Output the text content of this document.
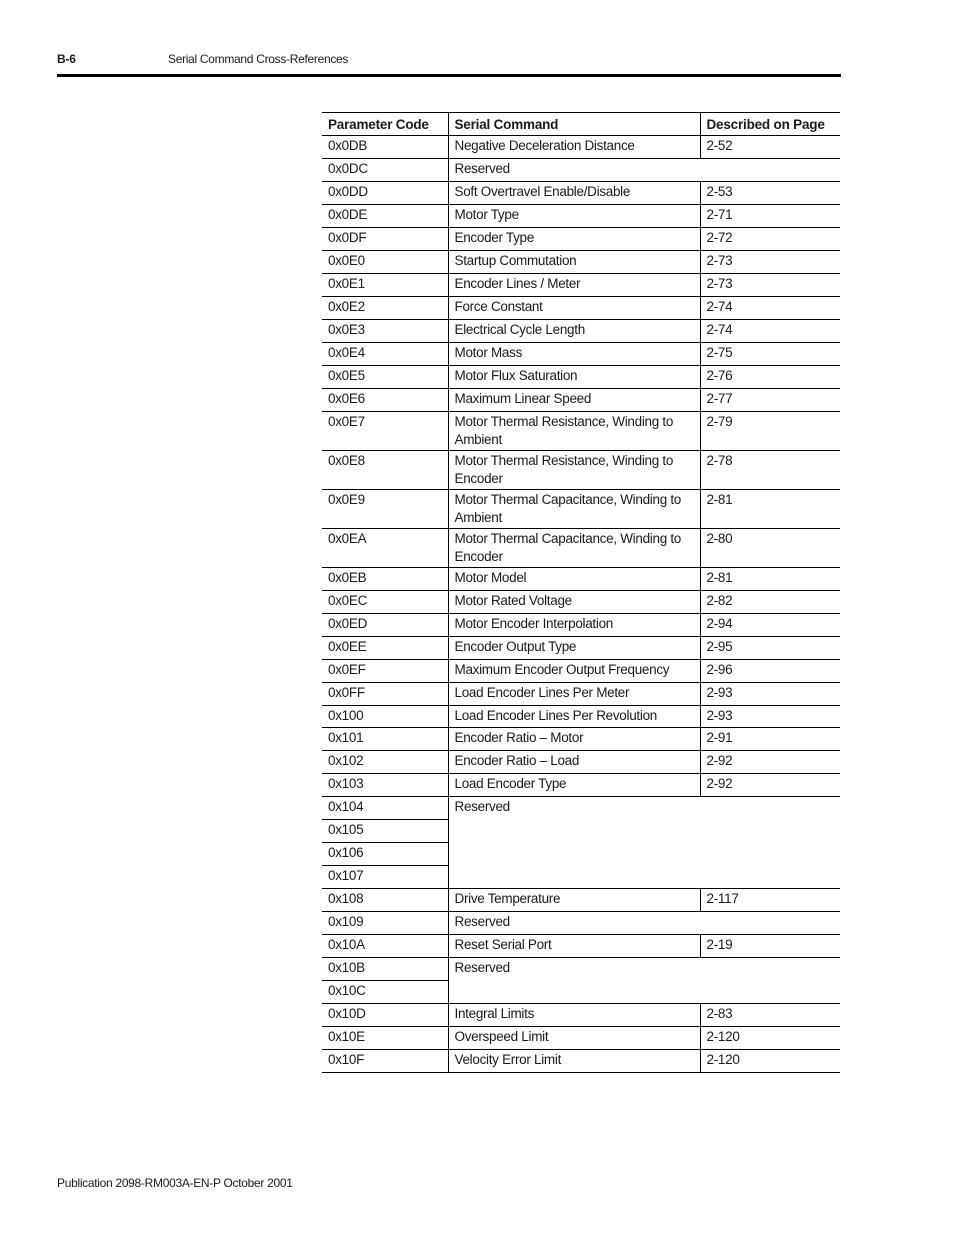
B-6	Serial Command Cross-References
Parameter Code	Serial Command	Described on Page
0x0DB	Negative Deceleration Distance	2-52
0x0DC	Reserved	
0x0DD	Soft Overtravel Enable/Disable	2-53
0x0DE	Motor Type	2-71
0x0DF	Encoder Type	2-72
0x0E0	Startup Commutation	2-73
0x0E1	Encoder Lines / Meter	2-73
0x0E2	Force Constant	2-74
0x0E3	Electrical Cycle Length	2-74
0x0E4	Motor Mass	2-75
0x0E5	Motor Flux Saturation	2-76
0x0E6	Maximum Linear Speed	2-77
0x0E7	Motor Thermal Resistance, Winding to Ambient	2-79
0x0E8	Motor Thermal Resistance, Winding to Encoder	2-78
0x0E9	Motor Thermal Capacitance, Winding to Ambient	2-81
0x0EA	Motor Thermal Capacitance, Winding to Encoder	2-80
0x0EB	Motor Model	2-81
0x0EC	Motor Rated Voltage	2-82
0x0ED	Motor Encoder Interpolation	2-94
0x0EE	Encoder Output Type	2-95
0x0EF	Maximum Encoder Output Frequency	2-96
0x0FF	Load Encoder Lines Per Meter	2-93
0x100	Load Encoder Lines Per Revolution	2-93
0x101	Encoder Ratio – Motor	2-91
0x102	Encoder Ratio – Load	2-92
0x103	Load Encoder Type	2-92
0x104	Reserved	
0x105		
0x106		
0x107		
0x108	Drive Temperature	2-117
0x109	Reserved	
0x10A	Reset Serial Port	2-19
0x10B	Reserved	
0x10C		
0x10D	Integral Limits	2-83
0x10E	Overspeed Limit	2-120
0x10F	Velocity Error Limit	2-120
Publication 2098-RM003A-EN-P October 2001
